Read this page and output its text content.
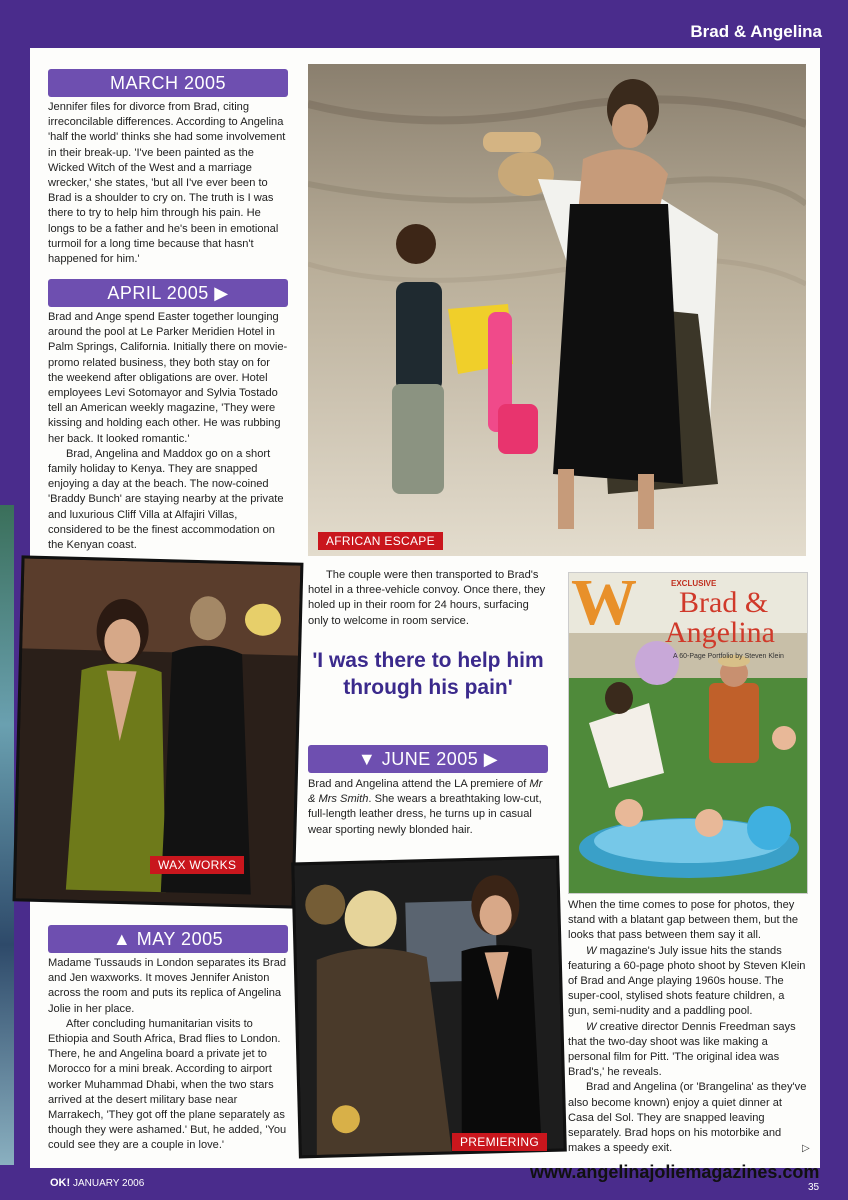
Brad & Angelina
MARCH 2005

Jennifer files for divorce from Brad, citing irreconcilable differences. According to Angelina 'half the world' thinks she had some involvement in their break-up. 'I've been painted as the Wicked Witch of the West and a marriage wrecker,' she states, 'but all I've ever been to Brad is a shoulder to cry on. The truth is I was there to try to help him through his pain. He longs to be a father and he's been in emotional turmoil for a long time because that hasn't happened for him.'

APRIL 2005 ▶

Brad and Ange spend Easter together lounging around the pool at Le Parker Meridien Hotel in Palm Springs, California. Initially there on movie-promo related business, they both stay on for the weekend after obligations are over. Hotel employees Levi Sotomayor and Sylvia Tostado tell an American weekly magazine, 'They were kissing and holding each other. He was rubbing her back. It looked romantic.'

Brad, Angelina and Maddox go on a short family holiday to Kenya. They are snapped enjoying a day at the beach. The now-coined 'Braddy Bunch' are staying nearby at the private and luxurious Cliff Villa at Alfajiri Villas, considered to be the finest accommodation on the Kenyan coast.	AFRICAN ESCAPE
WAX WORKS

The couple were then transported to Brad's hotel in a three-vehicle convoy. Once there, they holed up in their room for 24 hours, surfacing only to welcome in room service.

'I was there to help him through his pain'
▼ JUNE 2005 ▶

Brad and Angelina attend the LA premiere of Mr & Mrs Smith. She wears a breathtaking low-cut, full-length leather dress, he turns up in casual wear sporting newly blonded hair.

W	EXCLUSIVE
Brad &
Angelina
A 60-Page Portfolio by Steven Klein

When the time comes to pose for photos, they stand with a blatant gap between them, but the looks that pass between them say it all.

W magazine's July issue hits the stands featuring a 60-page photo shoot by Steven Klein of Brad and Ange playing 1960s house. The super-cool, stylised shots feature children, a gun, semi-nudity and a paddling pool.

W creative director Dennis Freedman says that the two-day shoot was like making a personal film for Pitt. 'The original idea was Brad's,' he reveals.

Brad and Angelina (or 'Brangelina' as they've also become known) enjoy a quiet dinner at Casa del Sol. They are snapped leaving separately. Brad hops on his motorbike and makes a speedy exit.	▷
▲ MAY 2005

Madame Tussauds in London separates its Brad and Jen waxworks. It moves Jennifer Aniston across the room and puts its replica of Angelina Jolie in her place.

After concluding humanitarian visits to Ethiopia and South Africa, Brad flies to London. There, he and Angelina board a private jet to Morocco for a mini break. According to airport worker Muhammad Dhabi, when the two stars arrived at the desert military base near Marrakech, 'They got off the plane separately as though they were ashamed.' But, he added, 'You could see they are a couple in love.'	PREMIERING
OK! JANUARY 2006
www.angelinajoliemagazines.com
35
